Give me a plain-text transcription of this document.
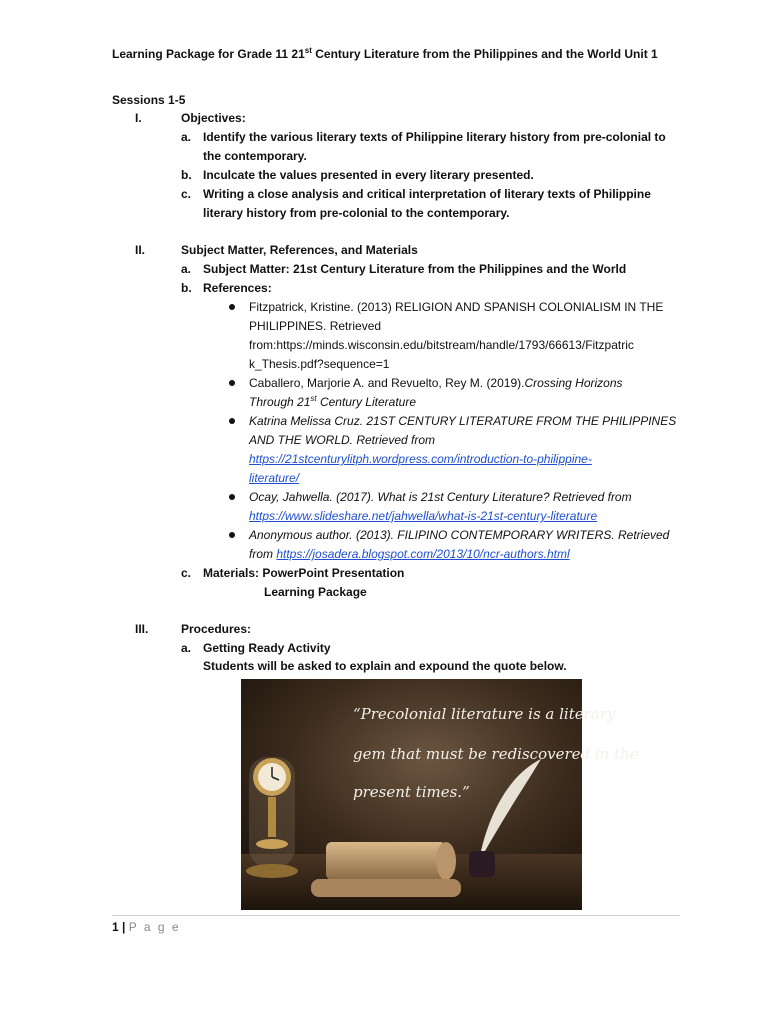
Learning Package for Grade 11 21st Century Literature from the Philippines and the World Unit 1
Sessions 1-5
I.	Objectives:
a. Identify the various literary texts of Philippine literary history from pre-colonial to
the contemporary.
b. Inculcate the values presented in every literary presented.
c. Writing a close analysis and critical interpretation of literary texts of Philippine
literary history from pre-colonial to the contemporary.
II.	Subject Matter, References, and Materials
a. Subject Matter: 21st Century Literature from the Philippines and the World
b. References:
Fitzpatrick, Kristine. (2013) RELIGION AND SPANISH COLONIALISM IN THE
PHILIPPINES. Retrieved
from:https://minds.wisconsin.edu/bitstream/handle/1793/66613/Fitzpatric
k_Thesis.pdf?sequence=1
Caballero, Marjorie A. and Revuelto, Rey M. (2019).Crossing Horizons
Through 21st Century Literature
Katrina Melissa Cruz. 21ST CENTURY LITERATURE FROM THE PHILIPPINES
AND THE WORLD. Retrieved from
https://21stcenturylitph.wordpress.com/introduction-to-philippine-
literature/
Ocay, Jahwella. (2017). What is 21st Century Literature? Retrieved from
https://www.slideshare.net/jahwella/what-is-21st-century-literature
Anonymous author. (2013). FILIPINO CONTEMPORARY WRITERS. Retrieved
from https://josadera.blogspot.com/2013/10/ncr-authors.html
c. Materials: PowerPoint Presentation
Learning Package
III.	Procedures:
a. Getting Ready Activity
Students will be asked to explain and expound the quote below.
“Precolonial literature is a literary
gem that must be rediscovered in the
present times.”
1 | P a g e
